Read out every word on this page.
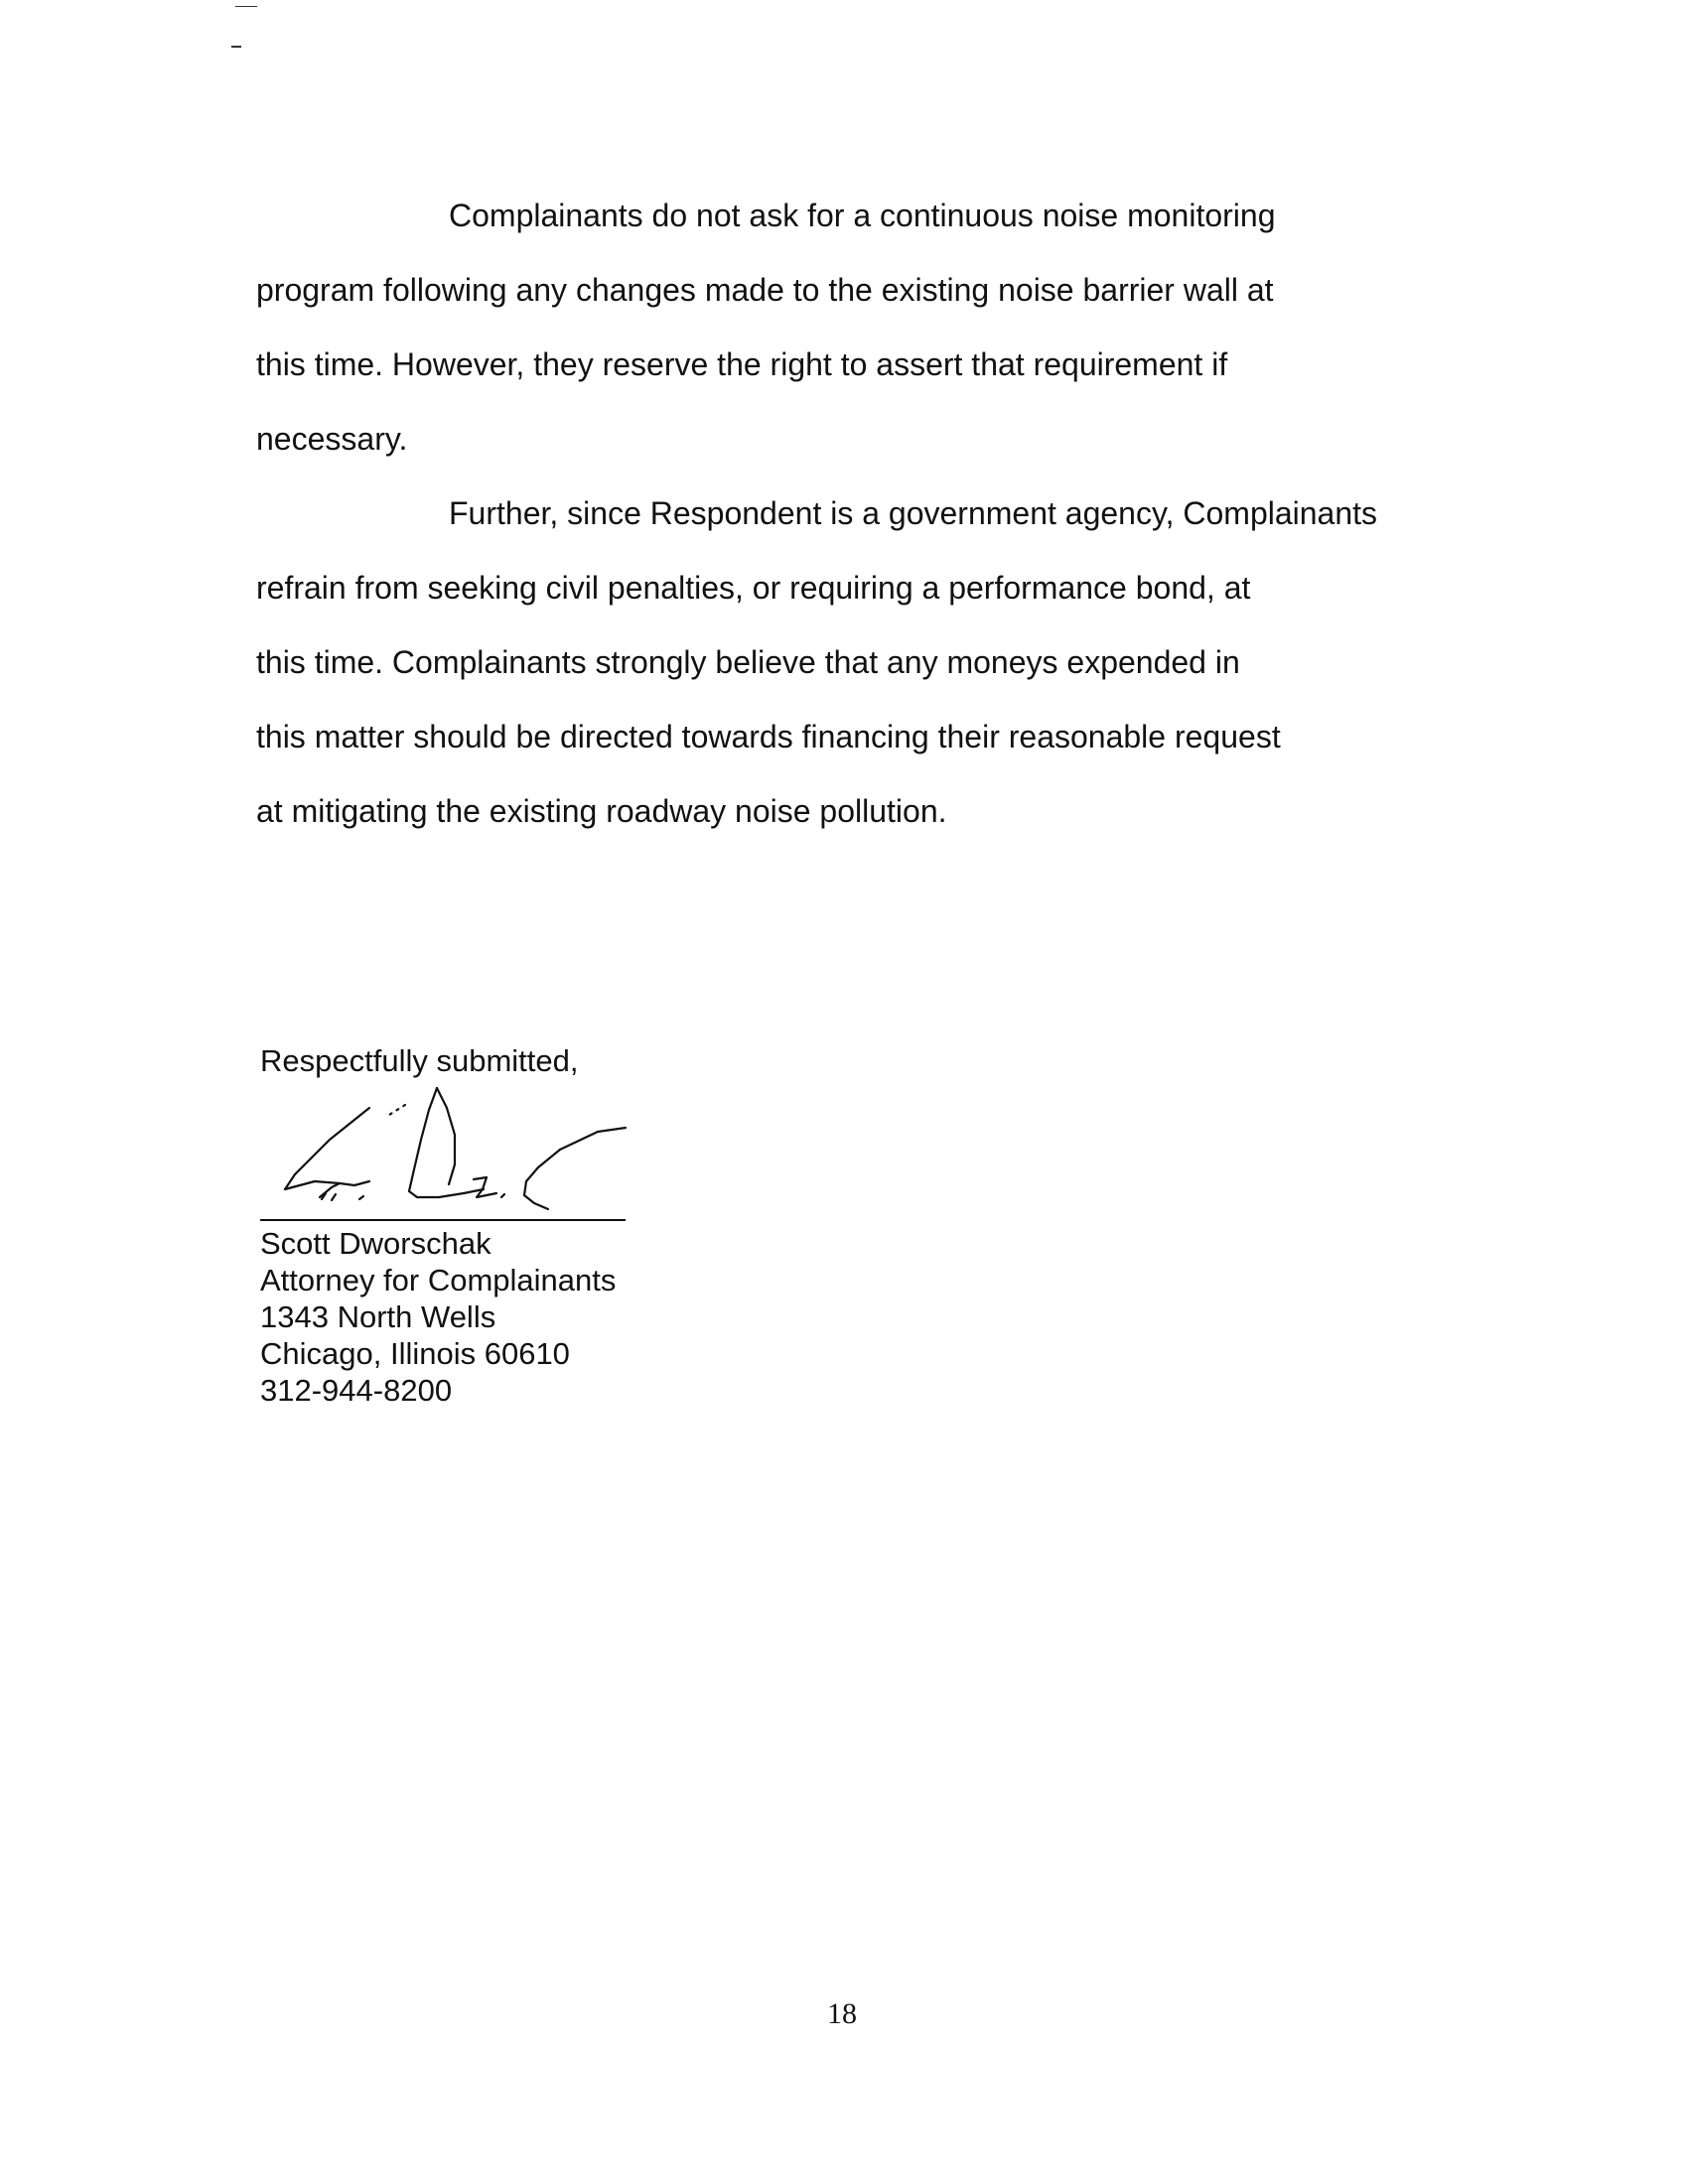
Complainants do not ask for a continuous noise monitoring program following any changes made to the existing noise barrier wall at this time. However, they reserve the right to assert that requirement if necessary.
Further, since Respondent is a government agency, Complainants refrain from seeking civil penalties, or requiring a performance bond, at this time. Complainants strongly believe that any moneys expended in this matter should be directed towards financing their reasonable request at mitigating the existing roadway noise pollution.

Respectfully submitted,

Scott Dworschak
Attorney for Complainants
1343 North Wells
Chicago, Illinois 60610
312-944-8200
18
